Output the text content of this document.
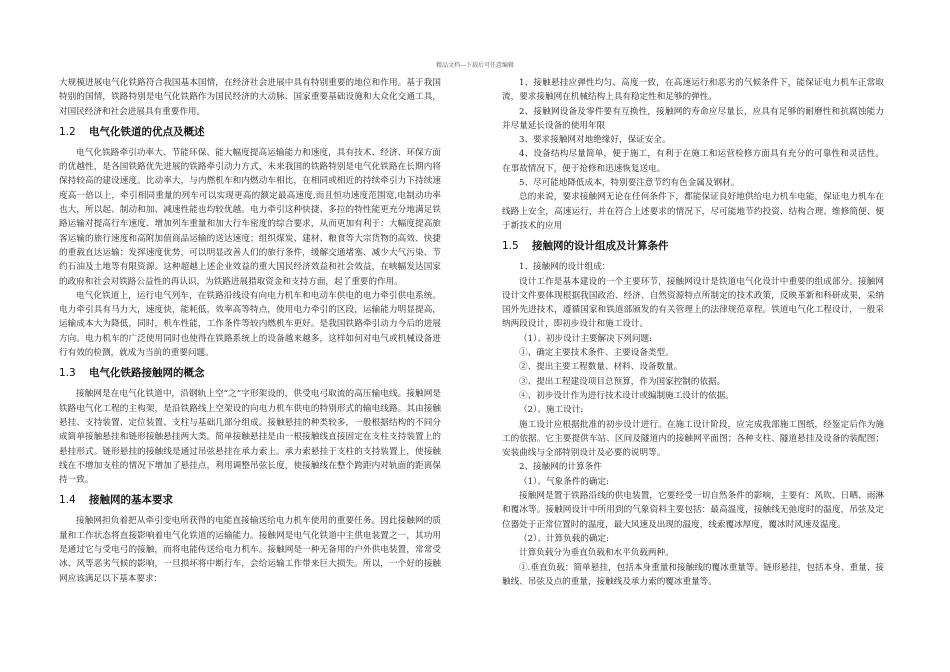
精品文档---下载后可任意编辑

大规模进展电气化铁路符合我国基本国情，在经济社会进展中具有特别重要的地位和作用。基于我国特别的国情，铁路特别是电气化铁路作为国民经济的大动脉、国家重要基础设施和大众化交通工具，对国民经济和社会进展具有重要作用。

1.2 电气化铁道的优点及概述

电气化铁路牵引功率大、节能环保、能大幅度提高运输能力和速度，具有技术、经济、环保方面的优越性，是各国铁路优先进展的铁路牵引动力方式，未来我国的铁路特别是电气化铁路在长期内将保持较高的建设速度。比动率大，与内燃机车和内燃动车相比，在相同或相近的持续牵引力下持续速度高一倍以上，牵引相同重量的列车可以实现更高的额定最高速度,而且恒功速度范围宽,电制动功率也大，所以起、制动和加、减速性能也均较优越。电力牵引这种快捷、多拉的特性能更充分地满足铁路运输对提高行车速度、增加列车重量和加大行车密度的综合要求，从而更加有利于：大幅度提高旅客运输的旅行速度和高附加值商品运输的送达速度；组织煤炭、建材、粮食等大宗货物的高效、快捷的重载直达运输；发挥速度优势，可以明显改善人们的旅行条件，缓解交通堵塞、减少大气污染、节约石油及土地等有限资源。这种超越上述企业效益的重大国民经济效益和社会效益，在峡幅发达国家的政府和社会对铁路公益性的再认识，为铁路进展猎取资金和支持方面，起了重要的作用。

电气化铁道上，运行电气列车，在铁路沿线设有向电力机车和电动车供电的电力牵引供电系统。电力牵引具有马力大，速度快，能耗低，效率高等特点，使用电力牵引的区段，运输能力明显提高，运输成本大为降低，同时，机车性能，工作条件等较内燃机车更好。是我国铁路牵引动力今后的进展方向。电力机车的广泛使用同时也使得在铁路系统上的设备越来越多，这样如何对电气或机械设备进行有效的检测，就成为当前的重要问题。

1.3 电气化铁路接触网的概念

接触网是在电气化铁道中，沿钢轨上空“之”字形架设的，供受电弓取流的高压输电线。接触网是铁路电气化工程的主构架，是沿铁路线上空架设的向电力机车供电的特别形式的输电线路。其由接触悬挂、支持装置、定位装置、支柱与基础几部分组成。接触悬挂的种类较多，一般根据结构的不同分成简单接触悬挂和链形接触悬挂两大类。简单接触悬挂是由一根接触线直接固定在支柱支持装置上的悬挂形式。链形悬挂的接触线是通过吊弦悬挂在承力索上。承力索悬挂于支柱的支持装置上，使接触线在不增加支柱的情况下增加了悬挂点，利用调整吊弦长度，使接触线在整个跨距内对轨面的距离保持一致。

1.4 接触网的基本要求

接触网担负着把从牵引变电所获得的电能直接输送给电力机车使用的重要任务。因此接触网的质量和工作状态将直接影响着电气化铁道的运输能力。接触网是电气化铁道中主供电装置之一，其功用是通过它与受电弓的接触，而将电能传送给电力机车。接触网是一种无备用的户外供电装置，常常受冰、风等恶劣气候的影响，一旦损坏将中断行车，会给运输工作带来巨大损失。所以，一个好的接触网应该满足以下基本要求：

1、接触悬挂应弹性均匀、高度一致，在高速运行和恶劣的气候条件下，能保证电力机车正常取流，要求接触网在机械结构上具有稳定性和足够的弹性。

2、接触网设备及零件要有互换性，接触网的寿命应尽量长，应具有足够的耐磨性和抗腐蚀能力并尽量延长设备的使用年限

3、要求接触网对地绝缘好，保证安全。

4、设备结构尽量简单，便于施工，有利于在施工和运营检修方面具有充分的可靠性和灵活性。在事故情况下，便于抢修和迅速恢复送电。

5、尽可能地降低成本，特别要注意节约有色金属及钢材。

总的来说，要求接触网无论在任何条件下，都能保证良好地供给电力机车电能，保证电力机车在线路上安全，高速运行，并在符合上述要求的情况下，尽可能地节约投资、结构合理、维修简便、便于新技术的应用

1.5 接触网的设计组成及计算条件

1、接触网的设计组成：

设计工作是基本建设的一个主要环节，接触网设计是铁道电气化设计中重要的组成部分。接触网设计文件要体现根据我国政治、经济、自然资源特点所制定的技术政策，反映革新和科研成果，采纳国外先进技术，遵循国家和铁道部颁发的有关管理上的法律规范章程。铁道电气化工程设计，一般采纳两段设计，即初步设计和施工设计。

（1）、初步设计主要解决下列问题:

①、确定主要技术条件、主要设备类型。

②、提出主要工程数量、材料、设备数量。

③、提出工程建设项目总预算，作为国家控制的依据。

④、初步设计作为进行技术设计或编制施工设计的依据。

（2）、施工设计:

施工设计应根据批准的初步设计进行。在施工设计阶段，应完成我部施工图纸，经鉴定后作为施工的依据。它主要提供车站、区间及隧道内的接触网平面图；各种支柱、隧道悬挂及设备的装配图；安装曲线与全部特别设计及必要的说明等。

2、接触网的计算条件

（1）、气象条件的确定:

接触网是置于铁路沿线的供电装置，它要经受一切自然条件的影响，主要有：风吹、日晒、雨淋和覆冰等。接触网设计中所用到的气象资料主要包括：最高温度，接触线无弛度时的温度，吊弦及定位器处于正常位置时的温度，最大风速及出现的温度，线索覆冰厚度，覆冰时风速及温度。

（2）、计算负载的确定:

计算负载分为垂直负载和水平负载两种。

①.垂直负载：简单悬挂，包括本身重量和接触线的覆冰重量等。链形悬挂，包括本身、重量、接触线、吊弦及点的重量，接触线及承力索的覆冰重量等。
